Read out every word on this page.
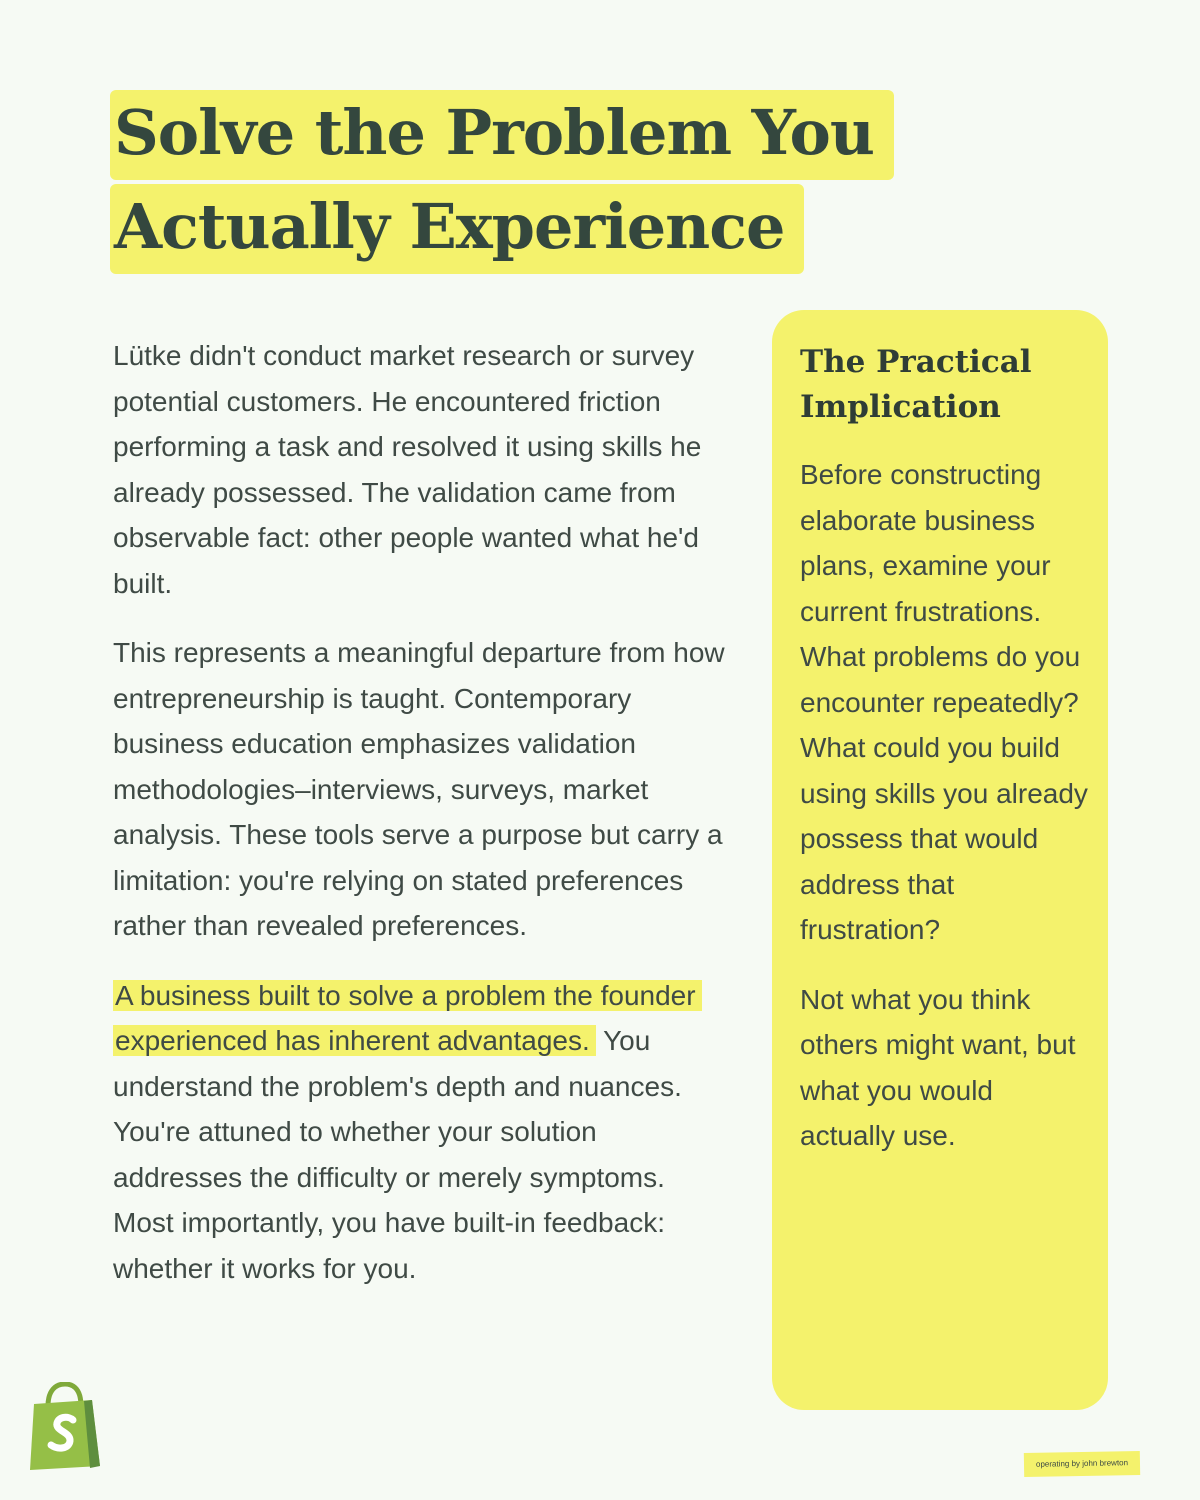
Solve the Problem You
Actually Experience

Lütke didn't conduct market research or survey potential customers. He encountered friction performing a task and resolved it using skills he already possessed. The validation came from observable fact: other people wanted what he'd built.

This represents a meaningful departure from how entrepreneurship is taught. Contemporary business education emphasizes validation methodologies–interviews, surveys, market analysis. These tools serve a purpose but carry a limitation: you're relying on stated preferences rather than revealed preferences.

A business built to solve a problem the founder experienced has inherent advantages. You understand the problem's depth and nuances. You're attuned to whether your solution addresses the difficulty or merely symptoms. Most importantly, you have built-in feedback: whether it works for you.

The Practical Implication

Before constructing elaborate business plans, examine your current frustrations. What problems do you encounter repeatedly? What could you build using skills you already possess that would address that frustration?

Not what you think others might want, but what you would actually use.

operating by john brewton
